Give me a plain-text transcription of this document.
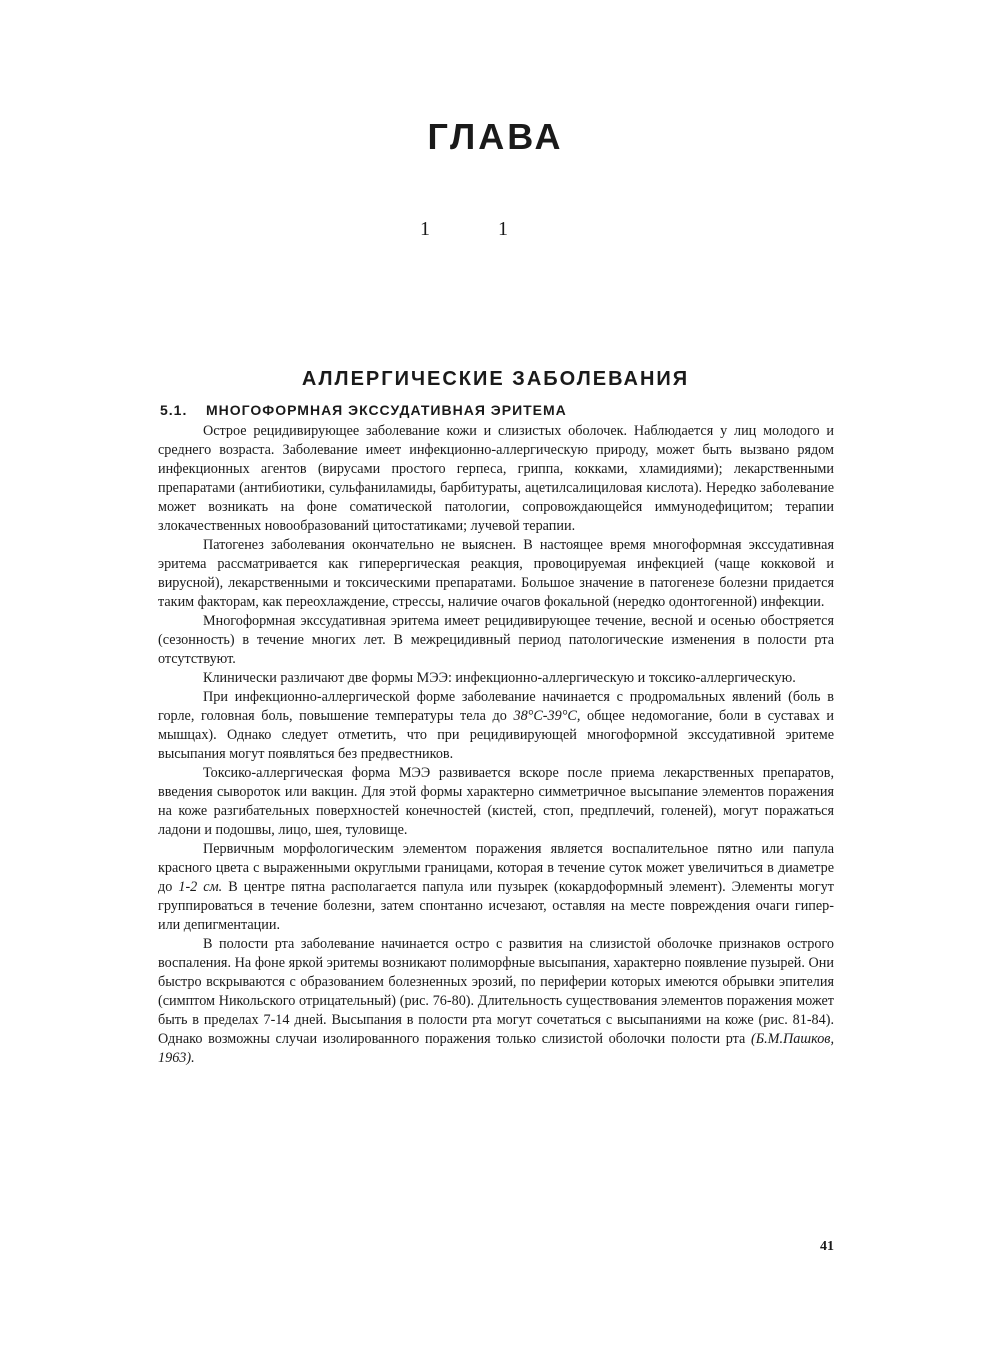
ГЛАВА
1	1
АЛЛЕРГИЧЕСКИЕ ЗАБОЛЕВАНИЯ
5.1. МНОГОФОРМНАЯ ЭКССУДАТИВНАЯ ЭРИТЕМА

Острое рецидивирующее заболевание кожи и слизистых оболочек. Наблюдается у лиц молодого и среднего возраста. Заболевание имеет инфекционно-аллергическую природу, может быть вызвано рядом инфекционных агентов (вирусами простого герпеса, гриппа, кокками, хламидиями); лекарственными препаратами (антибиотики, сульфаниламиды, барбитураты, ацетилсалициловая кислота). Нередко заболевание может возникать на фоне соматической патологии, сопровождающейся иммунодефицитом; терапии злокачественных новообразований цитостатиками; лучевой терапии.

Патогенез заболевания окончательно не выяснен. В настоящее время многоформная экссудативная эритема рассматривается как гиперергическая реакция, провоцируемая инфекцией (чаще кокковой и вирусной), лекарственными и токсическими препаратами. Большое значение в патогенезе болезни придается таким факторам, как переохлаждение, стрессы, наличие очагов фокальной (нередко одонтогенной) инфекции.

Многоформная экссудативная эритема имеет рецидивирующее течение, весной и осенью обостряется (сезонность) в течение многих лет. В межрецидивный период патологические изменения в полости рта отсутствуют.

Клинически различают две формы МЭЭ: инфекционно-аллергическую и токсико-аллергическую.

При инфекционно-аллергической форме заболевание начинается с продромальных явлений (боль в горле, головная боль, повышение температуры тела до 38°С-39°С, общее недомогание, боли в суставах и мышцах). Однако следует отметить, что при рецидивирующей многоформной экссудативной эритеме высыпания могут появляться без предвестников.

Токсико-аллергическая форма МЭЭ развивается вскоре после приема лекарственных препаратов, введения сывороток или вакцин. Для этой формы характерно симметричное высыпание элементов поражения на коже разгибательных поверхностей конечностей (кистей, стоп, предплечий, голеней), могут поражаться ладони и подошвы, лицо, шея, туловище.

Первичным морфологическим элементом поражения является воспалительное пятно или папула красного цвета с выраженными округлыми границами, которая в течение суток может увеличиться в диаметре до 1-2 см. В центре пятна располагается папула или пузырек (кокардоформный элемент). Элементы могут группироваться в течение болезни, затем спонтанно исчезают, оставляя на месте повреждения очаги гипер- или депигментации.

В полости рта заболевание начинается остро с развития на слизистой оболочке признаков острого воспаления. На фоне яркой эритемы возникают полиморфные высыпания, характерно появление пузырей. Они быстро вскрываются с образованием болезненных эрозий, по периферии которых имеются обрывки эпителия (симптом Никольского отрицательный) (рис. 76-80). Длительность существования элементов поражения может быть в пределах 7-14 дней. Высыпания в полости рта могут сочетаться с высыпаниями на коже (рис. 81-84). Однако возможны случаи изолированного поражения только слизистой оболочки полости рта (Б.М.Пашков, 1963).

41
